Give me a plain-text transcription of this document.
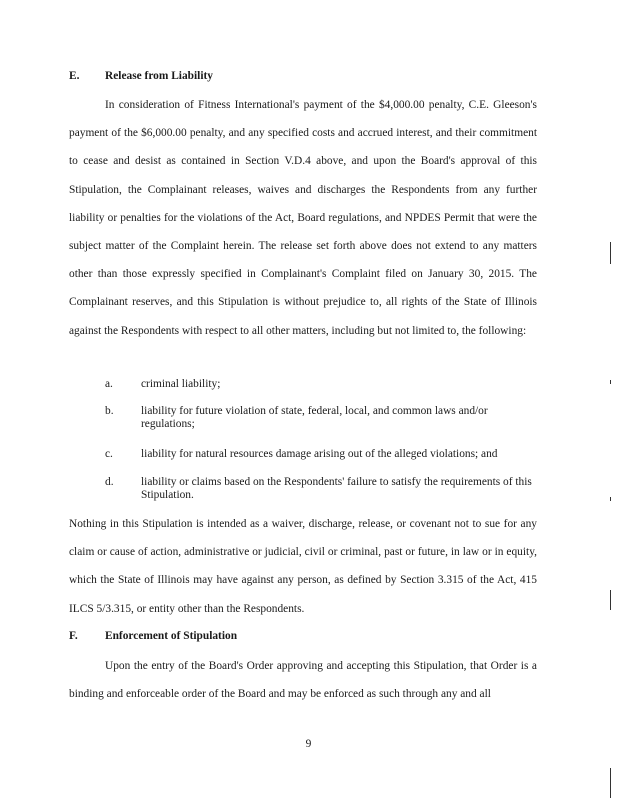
E. Release from Liability

In consideration of Fitness International's payment of the $4,000.00 penalty, C.E. Gleeson's payment of the $6,000.00 penalty, and any specified costs and accrued interest, and their commitment to cease and desist as contained in Section V.D.4 above, and upon the Board's approval of this Stipulation, the Complainant releases, waives and discharges the Respondents from any further liability or penalties for the violations of the Act, Board regulations, and NPDES Permit that were the subject matter of the Complaint herein. The release set forth above does not extend to any matters other than those expressly specified in Complainant's Complaint filed on January 30, 2015. The Complainant reserves, and this Stipulation is without prejudice to, all rights of the State of Illinois against the Respondents with respect to all other matters, including but not limited to, the following:

a. criminal liability;
b. liability for future violation of state, federal, local, and common laws and/or regulations;
c. liability for natural resources damage arising out of the alleged violations; and
d. liability or claims based on the Respondents' failure to satisfy the requirements of this Stipulation.

Nothing in this Stipulation is intended as a waiver, discharge, release, or covenant not to sue for any claim or cause of action, administrative or judicial, civil or criminal, past or future, in law or in equity, which the State of Illinois may have against any person, as defined by Section 3.315 of the Act, 415 ILCS 5/3.315, or entity other than the Respondents.

F. Enforcement of Stipulation

Upon the entry of the Board's Order approving and accepting this Stipulation, that Order is a binding and enforceable order of the Board and may be enforced as such through any and all

9
